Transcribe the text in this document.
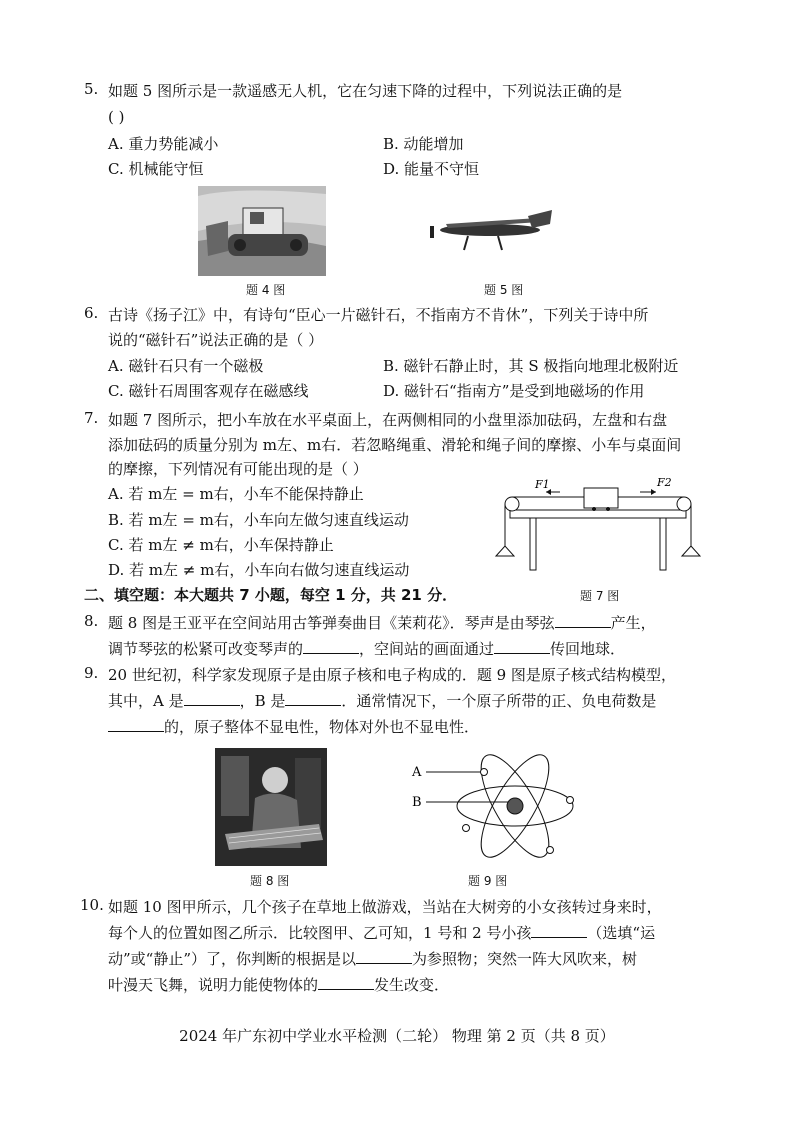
5. 如题 5 图所示是一款遥感无人机，它在匀速下降的过程中，下列说法正确的是
( )
A. 重力势能减小	B. 动能增加
C. 机械能守恒	D. 能量不守恒
题 4 图	题 5 图
6. 古诗《扬子江》中，有诗句“臣心一片磁针石，不指南方不肯休”，下列关于诗中所
说的“磁针石”说法正确的是（ ）
A. 磁针石只有一个磁极	B. 磁针石静止时，其 S 极指向地理北极附近
C. 磁针石周围客观存在磁感线	D. 磁针石“指南方”是受到地磁场的作用
7. 如题 7 图所示，把小车放在水平桌面上，在两侧相同的小盘里添加砝码，左盘和右盘
添加砝码的质量分别为 m左、m右．若忽略绳重、滑轮和绳子间的摩擦、小车与桌面间
的摩擦，下列情况有可能出现的是（ ）
A. 若 m左 = m右，小车不能保持静止
B. 若 m左 = m右，小车向左做匀速直线运动
C. 若 m左 ≠ m右，小车保持静止
D. 若 m左 ≠ m右，小车向右做匀速直线运动
F1	F2
题 7 图
二、填空题：本大题共 7 小题，每空 1 分，共 21 分．
8. 题 8 图是王亚平在空间站用古筝弹奏曲目《茉莉花》．琴声是由琴弦	产生，
调节琴弦的松紧可改变琴声的	，空间站的画面通过	传回地球．
9. 20 世纪初，科学家发现原子是由原子核和电子构成的．题 9 图是原子核式结构模型，
其中，A 是	，B 是	．通常情况下，一个原子所带的正、负电荷数是
的，原子整体不显电性，物体对外也不显电性．
题 8 图
A
B
题 9 图
10. 如题 10 图甲所示，几个孩子在草地上做游戏，当站在大树旁的小女孩转过身来时，
每个人的位置如图乙所示．比较图甲、乙可知，1 号和 2 号小孩	（选填“运
动”或“静止”）了，你判断的根据是以	为参照物；突然一阵大风吹来，树
叶漫天飞舞，说明力能使物体的	发生改变．
2024 年广东初中学业水平检测（二轮） 物理 第 2 页（共 8 页）
